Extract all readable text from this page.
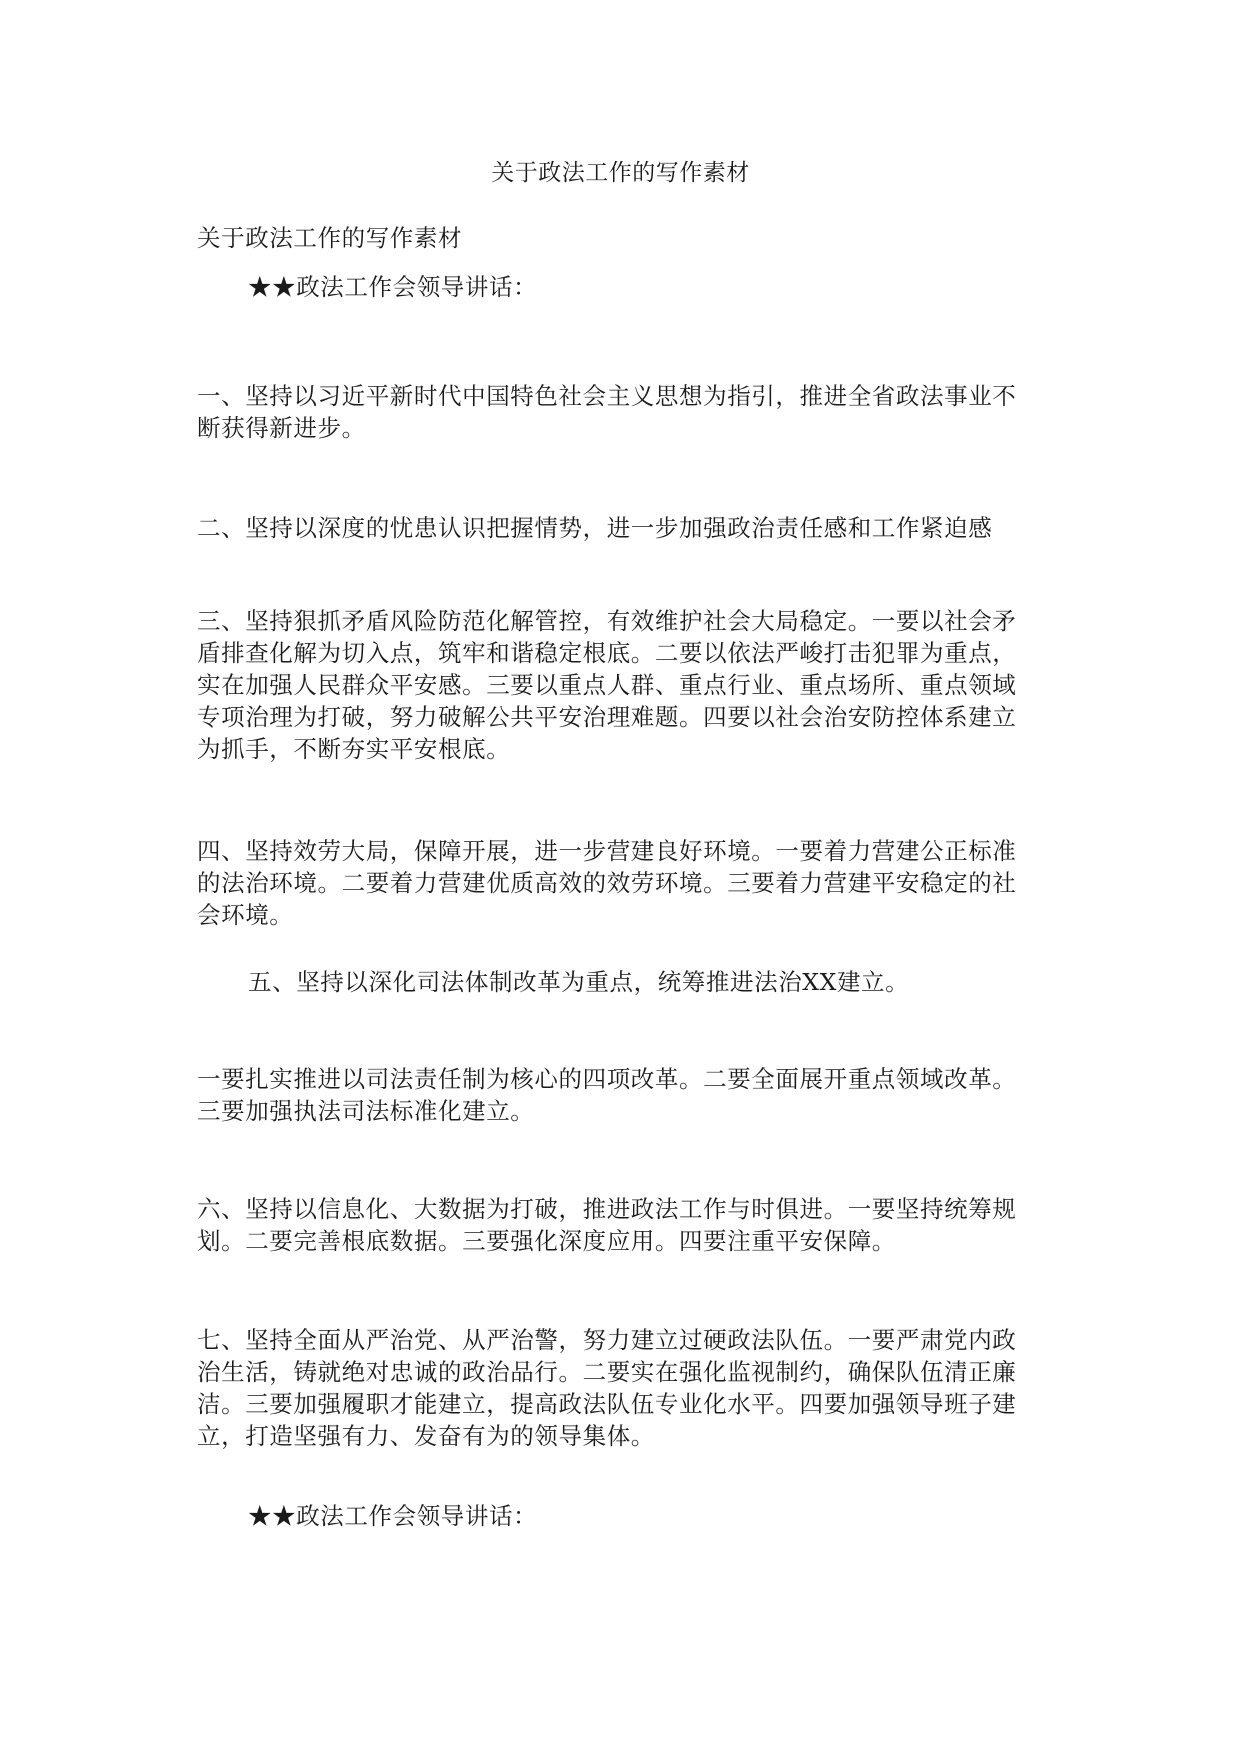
关于政法工作的写作素材

关于政法工作的写作素材

★★政法工作会领导讲话：

一、坚持以习近平新时代中国特色社会主义思想为指引，推进全省政法事业不断获得新进步。

二、坚持以深度的忧患认识把握情势，进一步加强政治责任感和工作紧迫感

三、坚持狠抓矛盾风险防范化解管控，有效维护社会大局稳定。一要以社会矛盾排查化解为切入点，筑牢和谐稳定根底。二要以依法严峻打击犯罪为重点，实在加强人民群众平安感。三要以重点人群、重点行业、重点场所、重点领域专项治理为打破，努力破解公共平安治理难题。四要以社会治安防控体系建立为抓手，不断夯实平安根底。

四、坚持效劳大局，保障开展，进一步营建良好环境。一要着力营建公正标准的法治环境。二要着力营建优质高效的效劳环境。三要着力营建平安稳定的社会环境。

五、坚持以深化司法体制改革为重点，统筹推进法治XX建立。

一要扎实推进以司法责任制为核心的四项改革。二要全面展开重点领域改革。三要加强执法司法标准化建立。

六、坚持以信息化、大数据为打破，推进政法工作与时俱进。一要坚持统筹规划。二要完善根底数据。三要强化深度应用。四要注重平安保障。

七、坚持全面从严治党、从严治警，努力建立过硬政法队伍。一要严肃党内政治生活，铸就绝对忠诚的政治品行。二要实在强化监视制约，确保队伍清正廉洁。三要加强履职才能建立，提高政法队伍专业化水平。四要加强领导班子建立，打造坚强有力、发奋有为的领导集体。

★★政法工作会领导讲话：
